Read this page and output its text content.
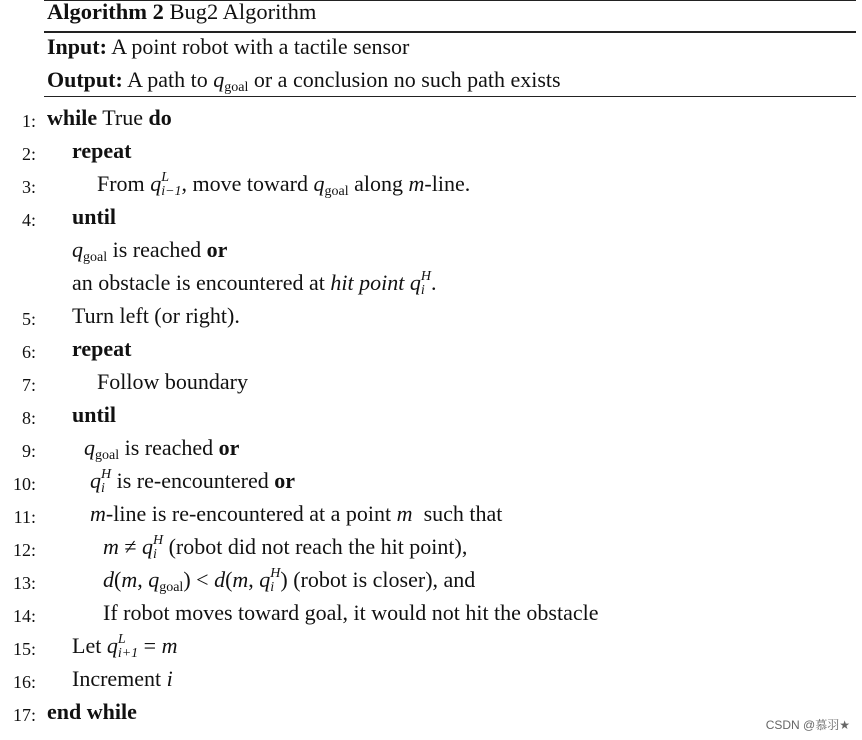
Algorithm 2 Bug2 Algorithm
Input: A point robot with a tactile sensor
Output: A path to $q_{goal}$ or a conclusion no such path exists
1: while True do
2: repeat
3:	From q L
i−1 , move toward $q_{goal}$ along m-line.
4: until
$q_{goal}$ is reached or
an obstacle is encountered at hit point q H
i .
5: Turn left (or right).
6: repeat
7:	Follow boundary
8: until
9: $q_{goal}$ is reached or
10: q H
i is re-encountered or
11: m-line is re-encountered at a point m  such that
12:	m ≠ q H
i (robot did not reach the hit point),
13:	d(m, $q_{goal}) < d(m$, q H
i ) (robot is closer), and
14:	If robot moves toward goal, it would not hit the obstacle
15: Let q L
i+1 = m
16: Increment i
17: end while
CSDN @慕羽★
